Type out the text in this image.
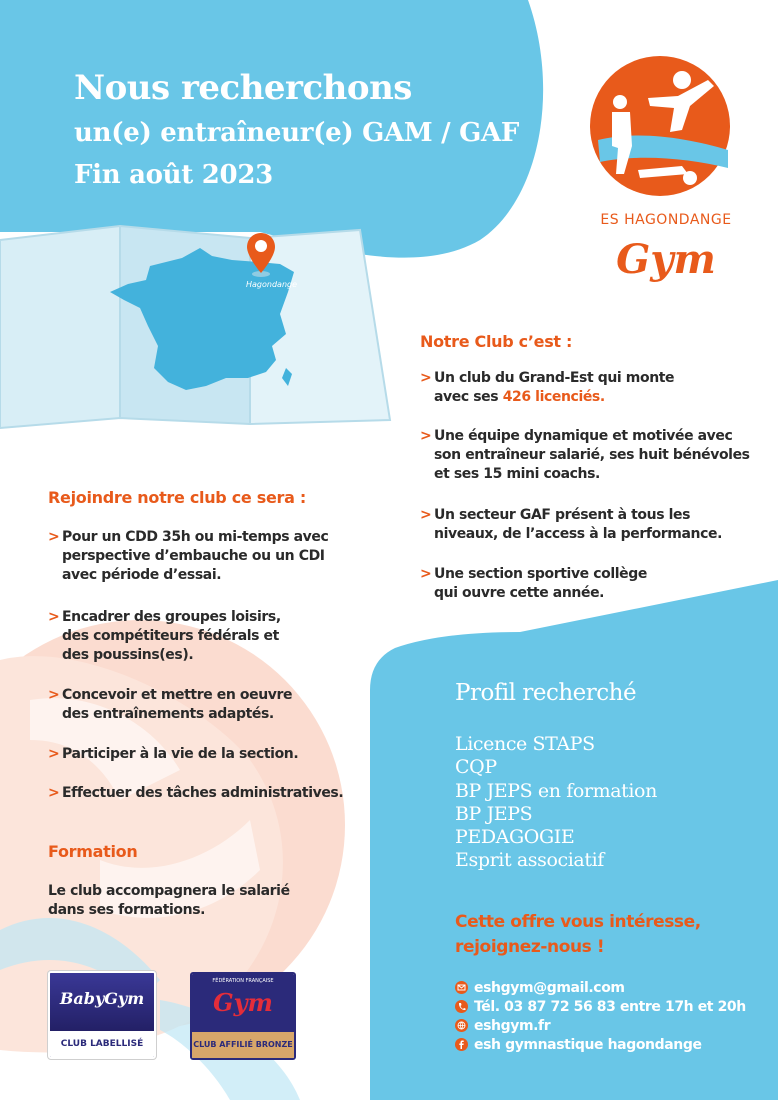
Hagondange
Nous recherchons
un(e) entraîneur(e) GAM / GAF
Fin août 2023
ES HAGONDANGE
Gym
Notre Club c’est :
> Un club du Grand-Est qui monte
avec ses 426 licenciés.
> Une équipe dynamique et motivée avec
son entraîneur salarié, ses huit bénévoles
et ses 15 mini coachs.
> Un secteur GAF présent à tous les
niveaux, de l’access à la performance.
> Une section sportive collège
qui ouvre cette année.
Rejoindre notre club ce sera :
> Pour un CDD 35h ou mi-temps avec
perspective d’embauche ou un CDI
avec période d’essai.
> Encadrer des groupes loisirs,
des compétiteurs fédérals et
des poussins(es).
> Concevoir et mettre en oeuvre
des entraînements adaptés.
> Participer à la vie de la section.
> Effectuer des tâches administratives.
Formation
Le club accompagnera le salarié
dans ses formations.
Profil recherché
Licence STAPS
CQP
BP JEPS en formation
BP JEPS
PEDAGOGIE
Esprit associatif
Cette offre vous intéresse,
rejoignez-nous !
eshgym@gmail.com
Tél. 03 87 72 56 83 entre 17h et 20h
eshgym.fr
esh gymnastique hagondange
BabyGym
CLUB LABELLISÉ
FÉDÉRATION FRANÇAISE
Gym
CLUB AFFILIÉ BRONZE
